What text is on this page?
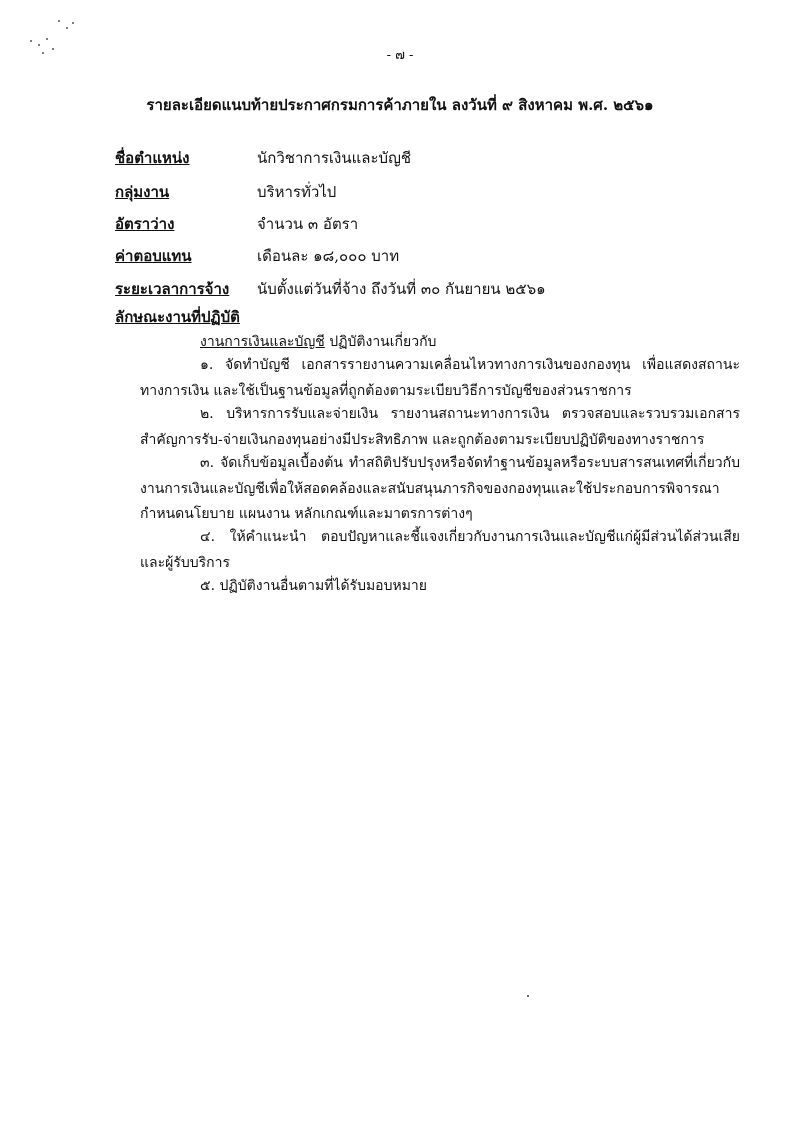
- ๗ -
รายละเอียดแนบท้ายประกาศกรมการค้าภายใน ลงวันที่ ๙ สิงหาคม พ.ศ. ๒๕๖๑
ชื่อตำแหน่ง	นักวิชาการเงินและบัญชี
กลุ่มงาน	บริหารทั่วไป
อัตราว่าง	จำนวน ๓ อัตรา
ค่าตอบแทน	เดือนละ ๑๘,๐๐๐ บาท
ระยะเวลาการจ้าง นับตั้งแต่วันที่จ้าง ถึงวันที่ ๓๐ กันยายน ๒๕๖๑
ลักษณะงานที่ปฏิบัติ
งานการเงินและบัญชี ปฏิบัติงานเกี่ยวกับ

๑. จัดทำบัญชี เอกสารรายงานความเคลื่อนไหวทางการเงินของกองทุน เพื่อแสดงสถานะทางการเงิน และใช้เป็นฐานข้อมูลที่ถูกต้องตามระเบียบวิธีการบัญชีของส่วนราชการ

๒. บริหารการรับและจ่ายเงิน รายงานสถานะทางการเงิน ตรวจสอบและรวบรวมเอกสารสำคัญการรับ-จ่ายเงินกองทุนอย่างมีประสิทธิภาพ และถูกต้องตามระเบียบปฏิบัติของทางราชการ

๓. จัดเก็บข้อมูลเบื้องต้น ทำสถิติปรับปรุงหรือจัดทำฐานข้อมูลหรือระบบสารสนเทศที่เกี่ยวกับงานการเงินและบัญชีเพื่อให้สอดคล้องและสนับสนุนภารกิจของกองทุนและใช้ประกอบการพิจารณากำหนดนโยบาย แผนงาน หลักเกณฑ์และมาตรการต่างๆ

๔. ให้คำแนะนำ ตอบปัญหาและชี้แจงเกี่ยวกับงานการเงินและบัญชีแก่ผู้มีส่วนได้ส่วนเสียและผู้รับบริการ

๕. ปฏิบัติงานอื่นตามที่ได้รับมอบหมาย
